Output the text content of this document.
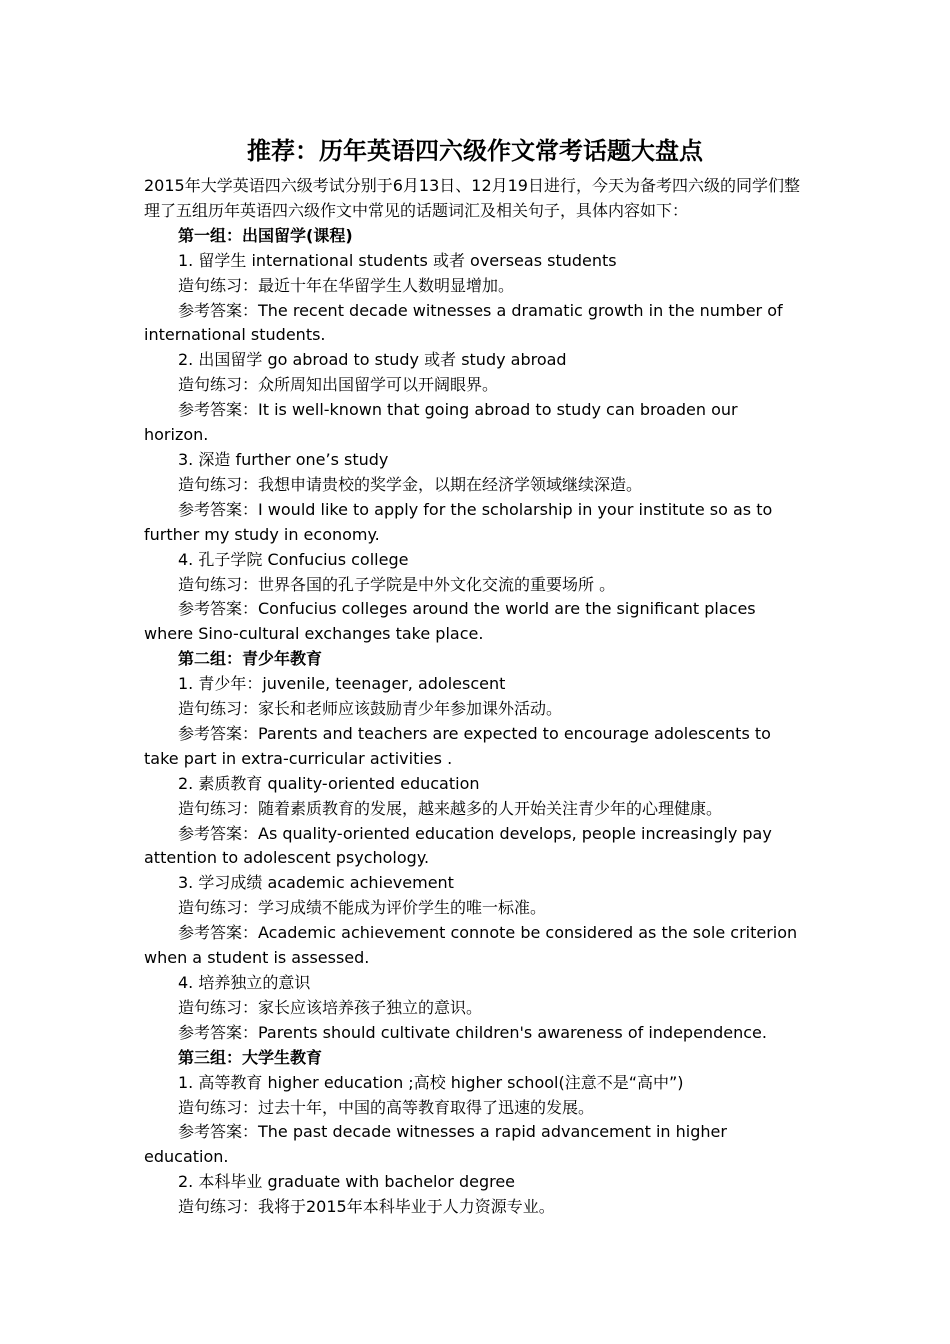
推荐：历年英语四六级作文常考话题大盘点

2015年大学英语四六级考试分别于6月13日、12月19日进行，今天为备考四六级的同学们整理了五组历年英语四六级作文中常见的话题词汇及相关句子，具体内容如下：

第一组：出国留学(课程)

1. 留学生 international students 或者 overseas students

造句练习：最近十年在华留学生人数明显增加。

参考答案：The recent decade witnesses a dramatic growth in the number of international students.

2. 出国留学 go abroad to study 或者 study abroad

造句练习：众所周知出国留学可以开阔眼界。

参考答案：It is well-known that going abroad to study can broaden our horizon.

3. 深造 further one’s study

造句练习：我想申请贵校的奖学金，以期在经济学领域继续深造。

参考答案：I would like to apply for the scholarship in your institute so as to further my study in economy.

4. 孔子学院 Confucius college

造句练习：世界各国的孔子学院是中外文化交流的重要场所 。

参考答案：Confucius colleges around the world are the significant places where Sino-cultural exchanges take place.

第二组：青少年教育

1. 青少年：juvenile, teenager, adolescent

造句练习：家长和老师应该鼓励青少年参加课外活动。

参考答案：Parents and teachers are expected to encourage adolescents to take part in extra-curricular activities .

2. 素质教育 quality-oriented education

造句练习：随着素质教育的发展，越来越多的人开始关注青少年的心理健康。

参考答案：As quality-oriented education develops, people increasingly pay attention to adolescent psychology.

3. 学习成绩 academic achievement

造句练习：学习成绩不能成为评价学生的唯一标准。

参考答案：Academic achievement connote be considered as the sole criterion when a student is assessed.

4. 培养独立的意识

造句练习：家长应该培养孩子独立的意识。

参考答案：Parents should cultivate children's awareness of independence.

第三组：大学生教育

1. 高等教育 higher education ;高校 higher school(注意不是“高中”)

造句练习：过去十年，中国的高等教育取得了迅速的发展。

参考答案：The past decade witnesses a rapid advancement in higher education.

2. 本科毕业 graduate with bachelor degree

造句练习：我将于2015年本科毕业于人力资源专业。
